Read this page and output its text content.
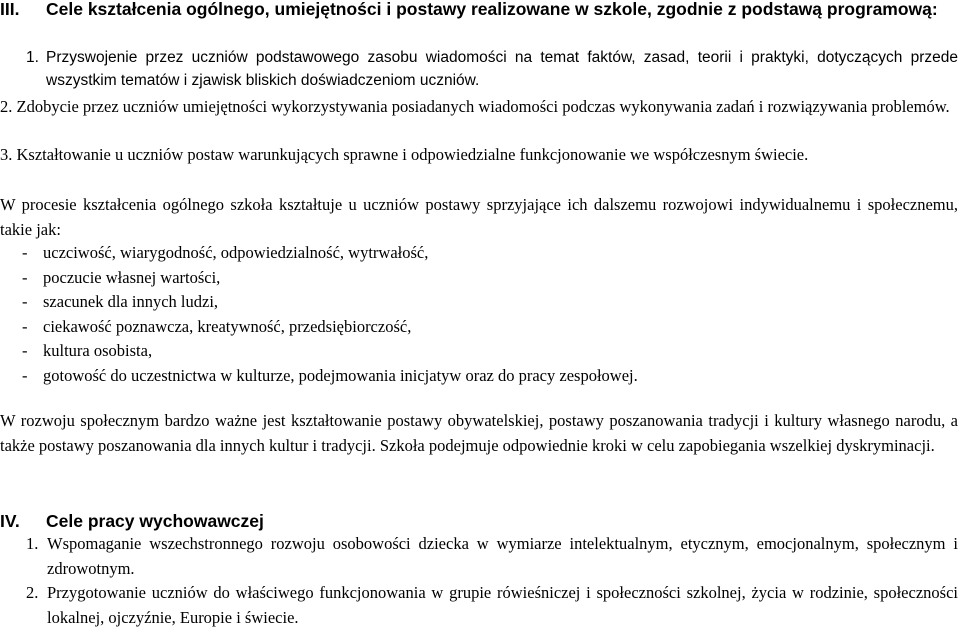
III. Cele kształcenia ogólnego, umiejętności i postawy realizowane w szkole, zgodnie z podstawą programową:
1. Przyswojenie przez uczniów podstawowego zasobu wiadomości na temat faktów, zasad, teorii i praktyki, dotyczących przede wszystkim tematów i zjawisk bliskich doświadczeniom uczniów.
2. Zdobycie przez uczniów umiejętności wykorzystywania posiadanych wiadomości podczas wykonywania zadań i rozwiązywania problemów.
3. Kształtowanie u uczniów postaw warunkujących sprawne i odpowiedzialne funkcjonowanie we współczesnym świecie.

W procesie kształcenia ogólnego szkoła kształtuje u uczniów postawy sprzyjające ich dalszemu rozwojowi indywidualnemu i społecznemu, takie jak:

- uczciwość, wiarygodność, odpowiedzialność, wytrwałość,
- poczucie własnej wartości,
- szacunek dla innych ludzi,
- ciekawość poznawcza, kreatywność, przedsiębiorczość,
- kultura osobista,
- gotowość do uczestnictwa w kulturze, podejmowania inicjatyw oraz do pracy zespołowej.

W rozwoju społecznym bardzo ważne jest kształtowanie postawy obywatelskiej, postawy poszanowania tradycji i kultury własnego narodu, a także postawy poszanowania dla innych kultur i tradycji. Szkoła podejmuje odpowiednie kroki w celu zapobiegania wszelkiej dyskryminacji.

IV. Cele pracy wychowawczej
1. Wspomaganie wszechstronnego rozwoju osobowości dziecka w wymiarze intelektualnym, etycznym, emocjonalnym, społecznym i zdrowotnym.
2. Przygotowanie uczniów do właściwego funkcjonowania w grupie rówieśniczej i społeczności szkolnej, życia w rodzinie, społeczności lokalnej, ojczyźnie, Europie i świecie.
